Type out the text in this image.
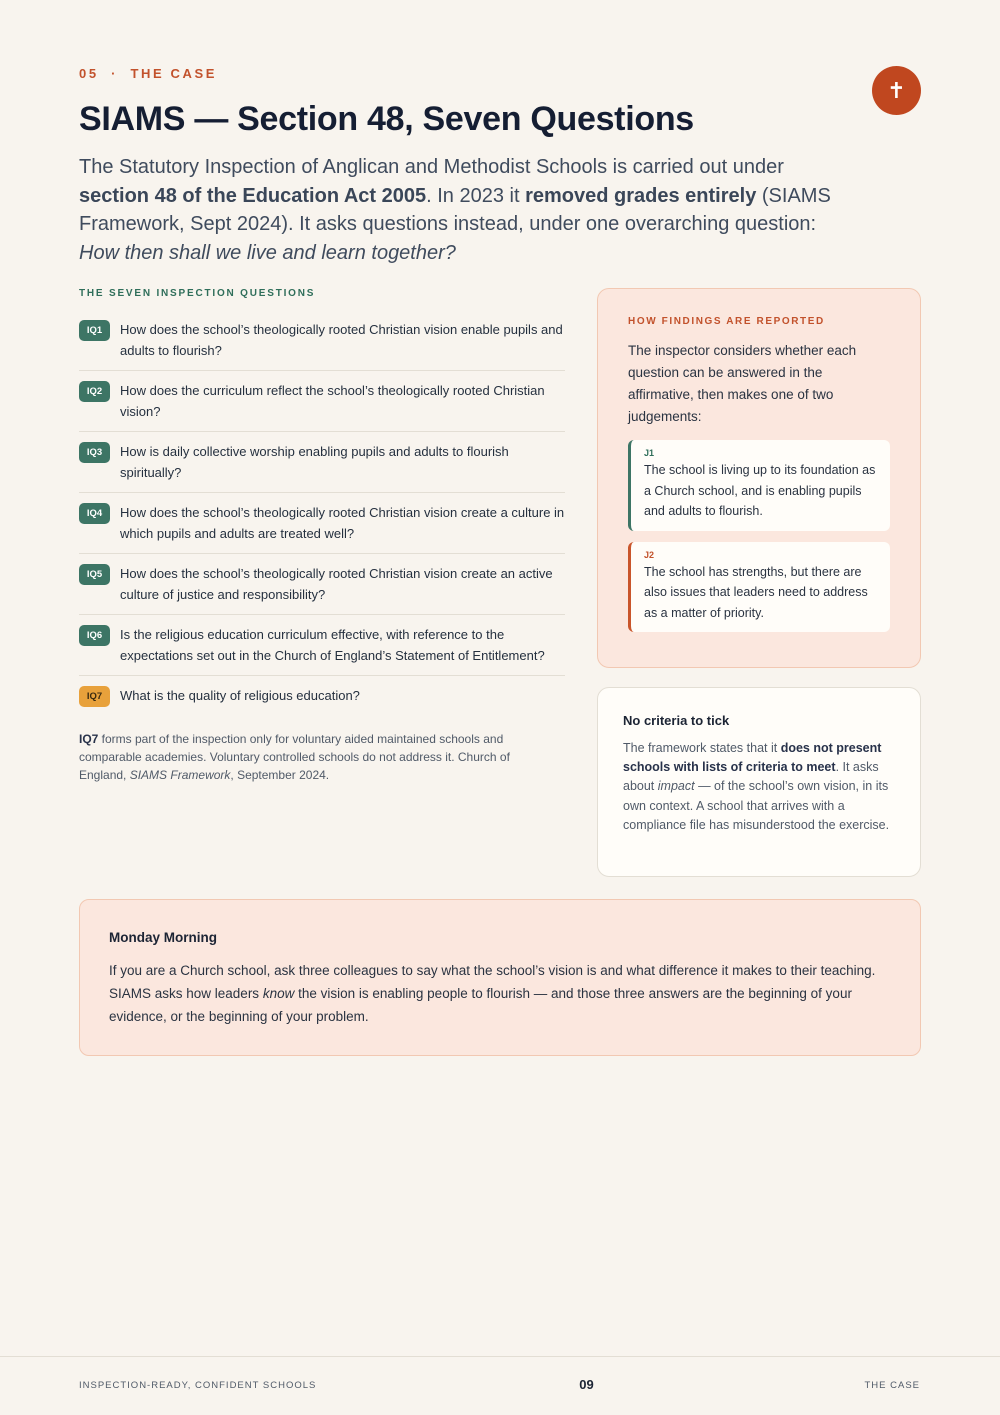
05 · THE CASE
✝
SIAMS — Section 48, Seven Questions

The Statutory Inspection of Anglican and Methodist Schools is carried out under section 48 of the Education Act 2005. In 2023 it removed grades entirely (SIAMS Framework, Sept 2024). It asks questions instead, under one overarching question: How then shall we live and learn together?

THE SEVEN INSPECTION QUESTIONS
IQ1	How does the school’s theologically rooted Christian vision enable pupils and adults to flourish?
IQ2	How does the curriculum reflect the school’s theologically rooted Christian vision?
IQ3	How is daily collective worship enabling pupils and adults to flourish spiritually?
IQ4	How does the school’s theologically rooted Christian vision create a culture in which pupils and adults are treated well?
IQ5	How does the school’s theologically rooted Christian vision create an active culture of justice and responsibility?
IQ6	Is the religious education curriculum effective, with reference to the expectations set out in the Church of England’s Statement of Entitlement?
IQ7	What is the quality of religious education?

IQ7 forms part of the inspection only for voluntary aided maintained schools and comparable academies. Voluntary controlled schools do not address it. Church of England, SIAMS Framework, September 2024.

HOW FINDINGS ARE REPORTED

The inspector considers whether each question can be answered in the affirmative, then makes one of two judgements:

J1
The school is living up to its foundation as a Church school, and is enabling pupils and adults to flourish.
J2
The school has strengths, but there are also issues that leaders need to address as a matter of priority.
No criteria to tick

The framework states that it does not present schools with lists of criteria to meet. It asks about impact — of the school’s own vision, in its own context. A school that arrives with a compliance file has misunderstood the exercise.

Monday Morning

If you are a Church school, ask three colleagues to say what the school’s vision is and what difference it makes to their teaching. SIAMS asks how leaders know the vision is enabling people to flourish — and those three answers are the beginning of your evidence, or the beginning of your problem.

INSPECTION-READY, CONFIDENT SCHOOLS	09	THE CASE
